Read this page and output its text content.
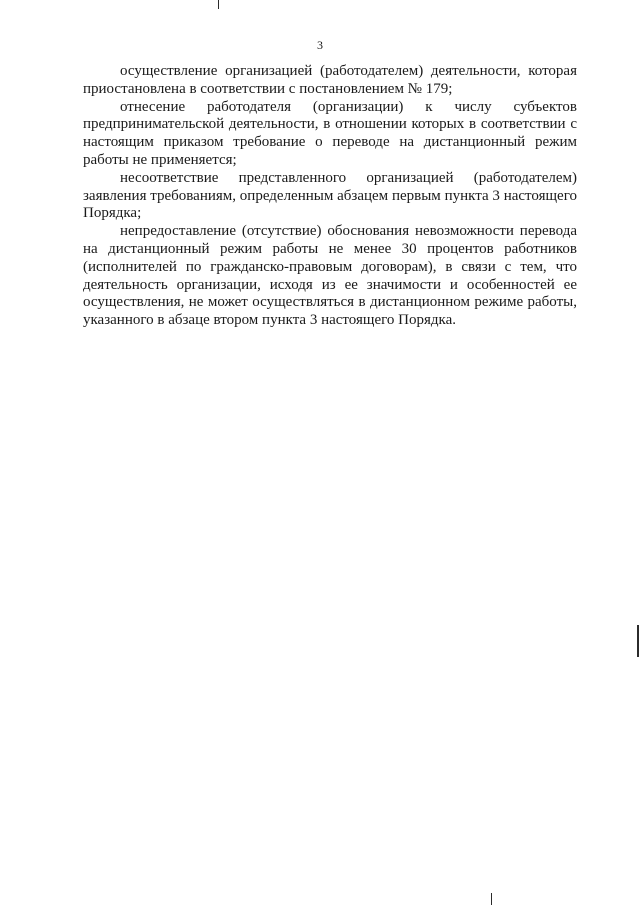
3

осуществление организацией (работодателем) деятельности, которая приостановлена в соответствии с постановлением № 179;

отнесение работодателя (организации) к числу субъектов предпринимательской деятельности, в отношении которых в соответствии с настоящим приказом требование о переводе на дистанционный режим работы не применяется;

несоответствие представленного организацией (работодателем) заявления требованиям, определенным абзацем первым пункта 3 настоящего Порядка;

непредоставление (отсутствие) обоснования невозможности перевода на дистанционный режим работы не менее 30 процентов работников (исполнителей по гражданско-правовым договорам), в связи с тем, что деятельность организации, исходя из ее значимости и особенностей ее осуществления, не может осуществляться в дистанционном режиме работы, указанного в абзаце втором пункта 3 настоящего Порядка.
